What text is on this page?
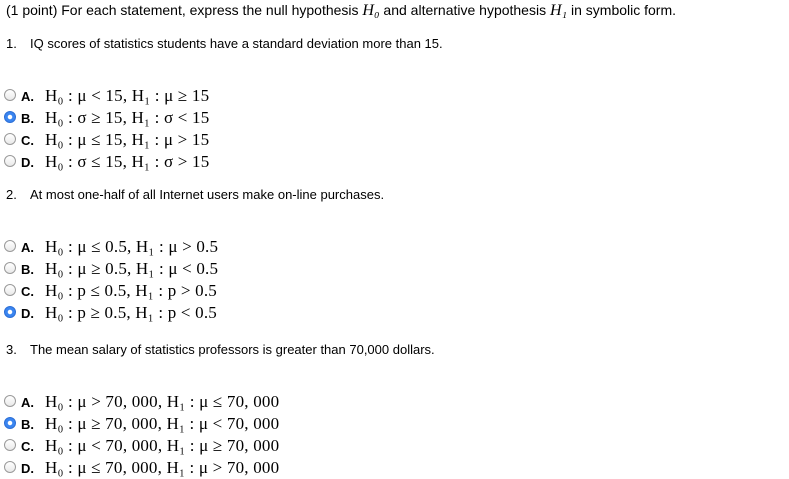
(1 point) For each statement, express the null hypothesis H₀ and alternative hypothesis H₁ in symbolic form.
1. IQ scores of statistics students have a standard deviation more than 15.
A. H₀ : μ < 15, H₁ : μ ≥ 15
B. H₀ : σ ≥ 15, H₁ : σ < 15
C. H₀ : μ ≤ 15, H₁ : μ > 15
D. H₀ : σ ≤ 15, H₁ : σ > 15
2. At most one-half of all Internet users make on-line purchases.
A. H₀ : μ ≤ 0.5, H₁ : μ > 0.5
B. H₀ : μ ≥ 0.5, H₁ : μ < 0.5
C. H₀ : p ≤ 0.5, H₁ : p > 0.5
D. H₀ : p ≥ 0.5, H₁ : p < 0.5
3. The mean salary of statistics professors is greater than 70,000 dollars.
A. H₀ : μ > 70, 000, H₁ : μ ≤ 70, 000
B. H₀ : μ ≥ 70, 000, H₁ : μ < 70, 000
C. H₀ : μ < 70, 000, H₁ : μ ≥ 70, 000
D. H₀ : μ ≤ 70, 000, H₁ : μ > 70, 000
